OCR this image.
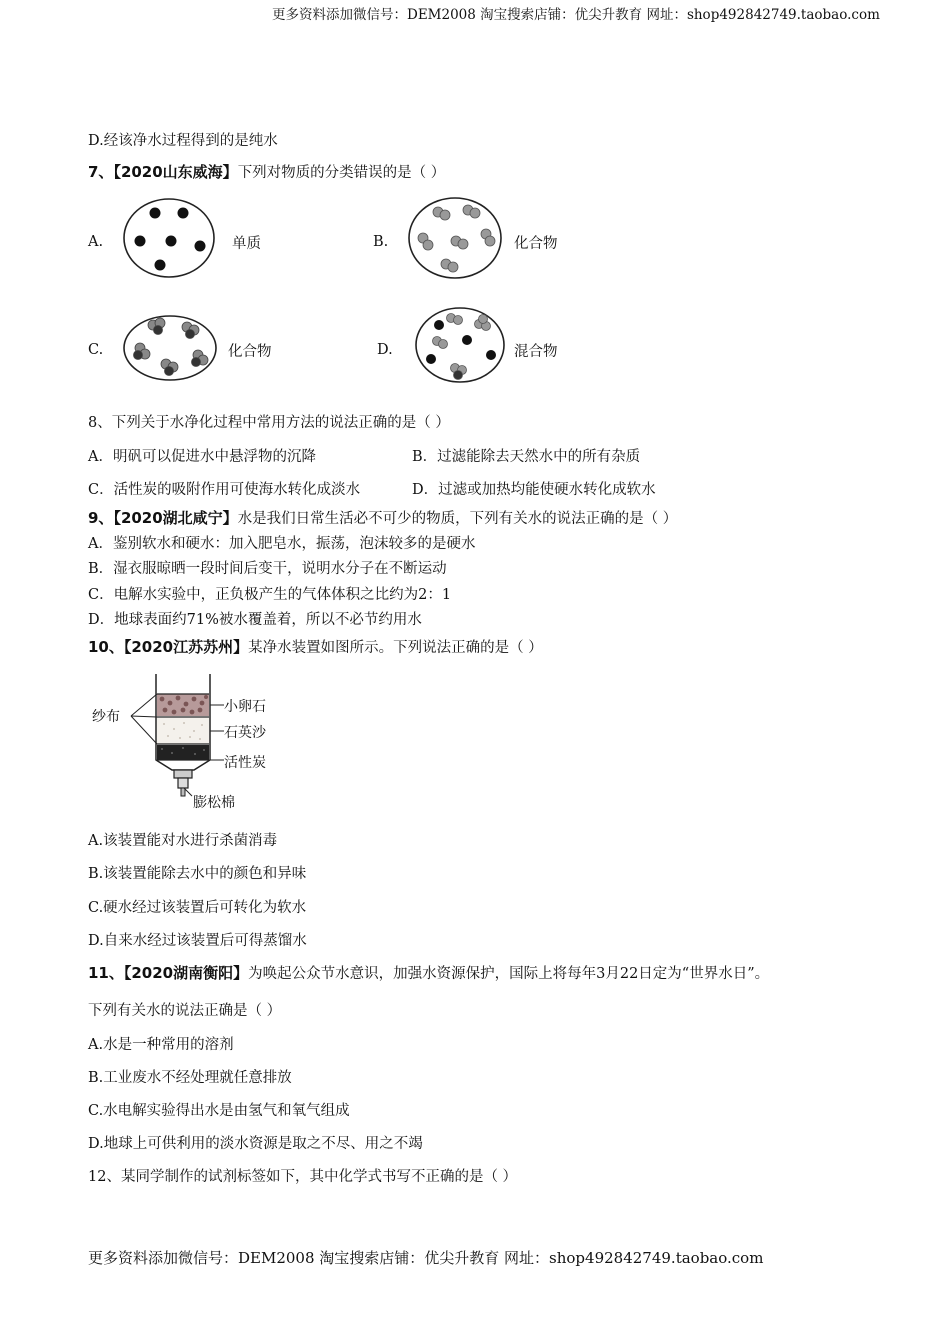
更多资料添加微信号：DEM2008 淘宝搜索店铺：优尖升教育 网址：shop492842749.taobao.com
D.经该净水过程得到的是纯水
7、【2020山东威海】下列对物质的分类错误的是（ ）
A.	单质	B.	化合物
C.	化合物	D.	混合物
8、下列关于水净化过程中常用方法的说法正确的是（ ）
A．明矾可以促进水中悬浮物的沉降	B．过滤能除去天然水中的所有杂质
C．活性炭的吸附作用可使海水转化成淡水	D．过滤或加热均能使硬水转化成软水
9、【2020湖北咸宁】水是我们日常生活必不可少的物质，下列有关水的说法正确的是（ ）
A．鉴别软水和硬水：加入肥皂水，振荡，泡沫较多的是硬水
B．湿衣服晾晒一段时间后变干，说明水分子在不断运动
C．电解水实验中，正负极产生的气体体积之比约为2：1
D．地球表面约71%被水覆盖着，所以不必节约用水
10、【2020江苏苏州】某净水装置如图所示。下列说法正确的是（ ）
纱布
小卵石
石英沙
活性炭
膨松棉
A.该装置能对水进行杀菌消毒
B.该装置能除去水中的颜色和异味
C.硬水经过该装置后可转化为软水
D.自来水经过该装置后可得蒸馏水
11、【2020湖南衡阳】为唤起公众节水意识，加强水资源保护，国际上将每年3月22日定为“世界水日”。
下列有关水的说法正确是（ ）
A.水是一种常用的溶剂
B.工业废水不经处理就任意排放
C.水电解实验得出水是由氢气和氧气组成
D.地球上可供利用的淡水资源是取之不尽、用之不竭
12、某同学制作的试剂标签如下，其中化学式书写不正确的是（ ）
更多资料添加微信号：DEM2008 淘宝搜索店铺：优尖升教育 网址：shop492842749.taobao.com
